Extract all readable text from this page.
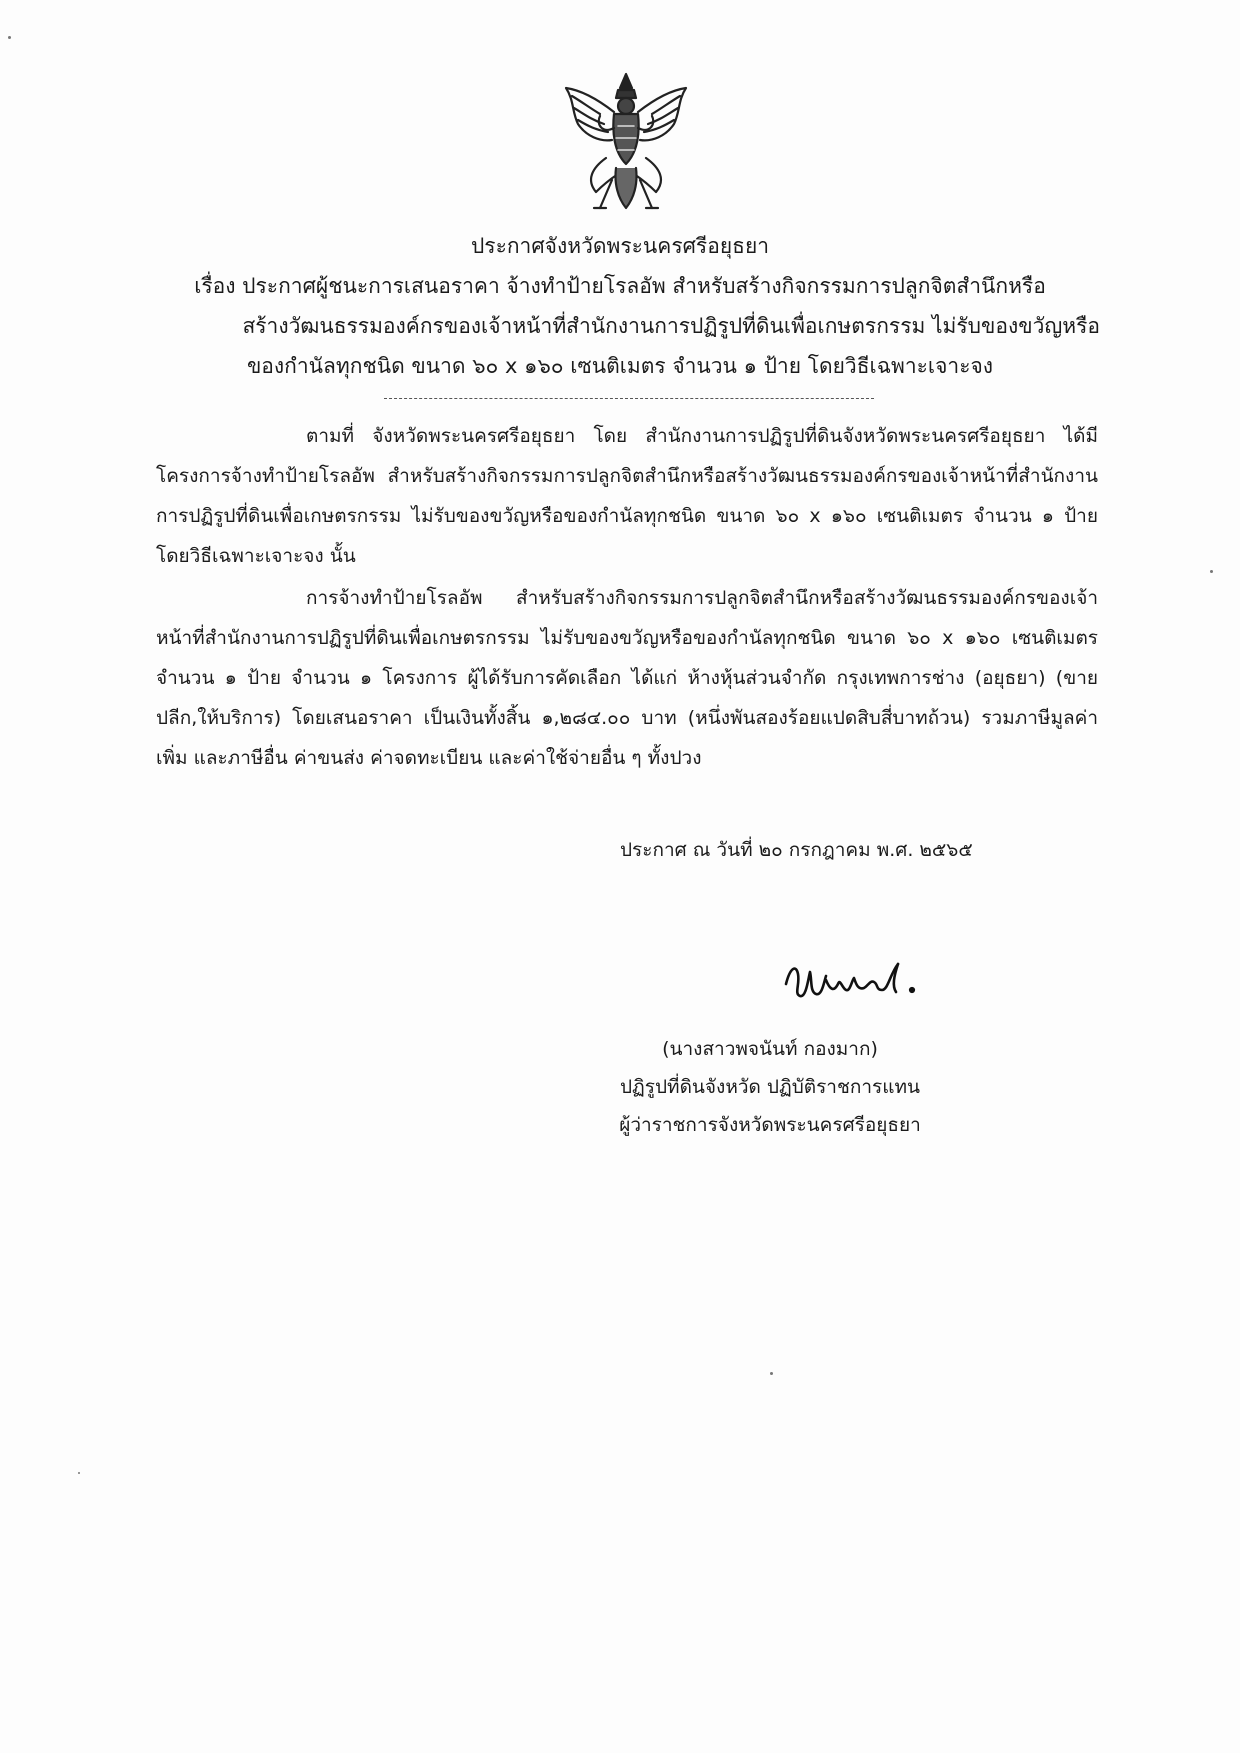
ประกาศจังหวัดพระนครศรีอยุธยา
เรื่อง ประกาศผู้ชนะการเสนอราคา จ้างทำป้ายโรลอัพ สำหรับสร้างกิจกรรมการปลูกจิตสำนึกหรือ
สร้างวัฒนธรรมองค์กรของเจ้าหน้าที่สำนักงานการปฏิรูปที่ดินเพื่อเกษตรกรรม ไม่รับของขวัญหรือ
ของกำนัลทุกชนิด ขนาด ๖๐ x ๑๖๐ เซนติเมตร จำนวน ๑ ป้าย โดยวิธีเฉพาะเจาะจง
ตามที่ จังหวัดพระนครศรีอยุธยา โดย สำนักงานการปฏิรูปที่ดินจังหวัดพระนครศรีอยุธยา ได้มีโครงการจ้างทำป้ายโรลอัพ สำหรับสร้างกิจกรรมการปลูกจิตสำนึกหรือสร้างวัฒนธรรมองค์กรของเจ้าหน้าที่สำนักงานการปฏิรูปที่ดินเพื่อเกษตรกรรม ไม่รับของขวัญหรือของกำนัลทุกชนิด ขนาด ๖๐ x ๑๖๐ เซนติเมตร จำนวน ๑ ป้าย โดยวิธีเฉพาะเจาะจง นั้น
การจ้างทำป้ายโรลอัพ สำหรับสร้างกิจกรรมการปลูกจิตสำนึกหรือสร้างวัฒนธรรมองค์กรของเจ้าหน้าที่สำนักงานการปฏิรูปที่ดินเพื่อเกษตรกรรม ไม่รับของขวัญหรือของกำนัลทุกชนิด ขนาด ๖๐ x ๑๖๐ เซนติเมตร จำนวน ๑ ป้าย จำนวน ๑ โครงการ ผู้ได้รับการคัดเลือก ได้แก่ ห้างหุ้นส่วนจำกัด กรุงเทพการช่าง (อยุธยา) (ขายปลีก,ให้บริการ) โดยเสนอราคา เป็นเงินทั้งสิ้น ๑,๒๘๔.๐๐ บาท (หนึ่งพันสองร้อยแปดสิบสี่บาทถ้วน) รวมภาษีมูลค่าเพิ่ม และภาษีอื่น ค่าขนส่ง ค่าจดทะเบียน และค่าใช้จ่ายอื่น ๆ ทั้งปวง
ประกาศ ณ วันที่ ๒๐ กรกฎาคม พ.ศ. ๒๕๖๕
(นางสาวพจนันท์ กองมาก)
ปฏิรูปที่ดินจังหวัด ปฏิบัติราชการแทน
ผู้ว่าราชการจังหวัดพระนครศรีอยุธยา
